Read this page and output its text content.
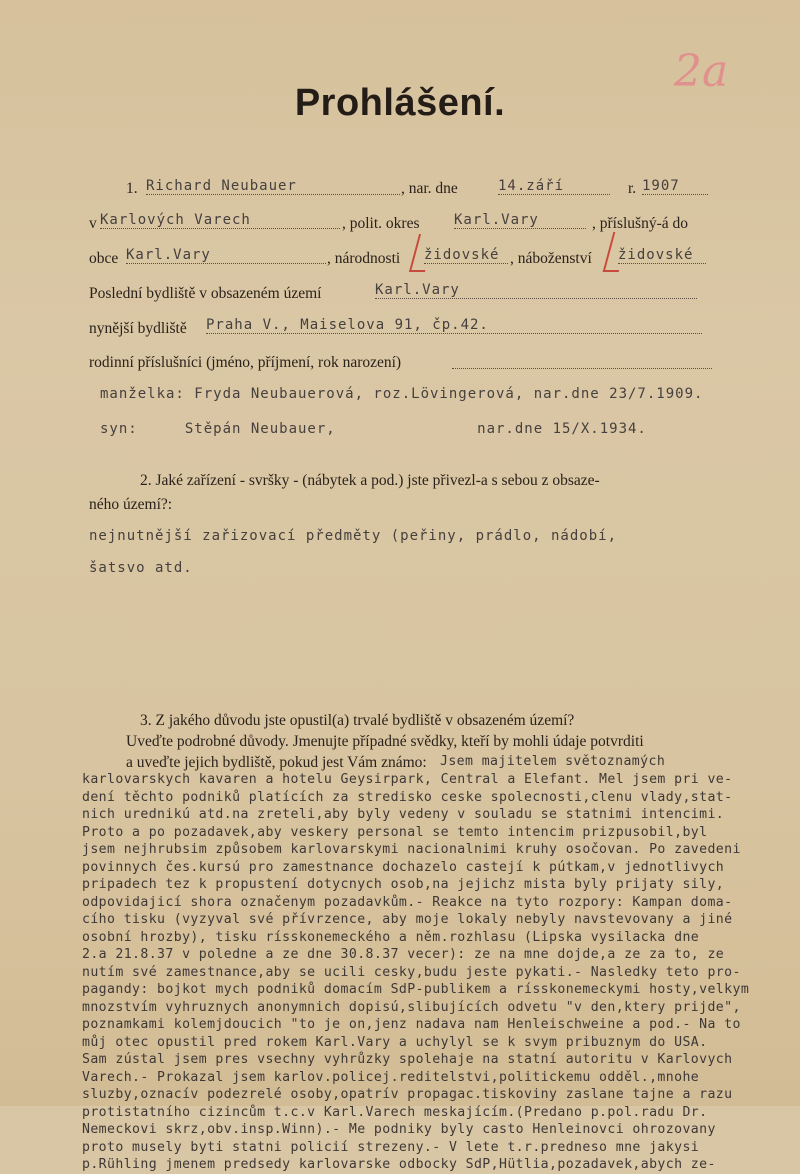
Prohlášení.
2a
1. Richard Neubauer	, nar. dne	14.září	r. 1907
v Karlových Varech	, polit. okres Karl.Vary	, příslušný-á do
obce Karl.Vary	, národnosti židovské , náboženství židovské
Poslední bydliště v obsazeném území	Karl.Vary
nynější bydliště Praha V., Maiselova 91, čp.42.
rodinní příslušníci (jméno, příjmení, rok narození)
manželka: Fryda Neubauerová, roz.Lövingerová, nar.dne 23/7.1909.
syn:     Stěpán Neubauer,               nar.dne 15/X.1934.
2. Jaké zařízení - svršky - (nábytek a pod.) jste přivezl-a s sebou z obsaze-
ného území?:
nejnutnější zařizovací předměty (peřiny, prádlo, nádobí,
šatsvo atd.
3. Z jakého důvodu jste opustil(a) trvalé bydliště v obsazeném území?
Uveďte podrobné důvody. Jmenujte případné svědky, kteří by mohli údaje potvrditi
a uveďte jejich bydliště, pokud jest Vám známo: Jsem majitelem světoznamých
karlovarskych kavaren a hotelu Geysirpark, Central a Elefant. Mel jsem pri ve-
dení těchto podniků platících za stredisko ceske spolecnosti,clenu vlady,stat-
nich urednikú atd.na zreteli,aby byly vedeny v souladu se statnimi intencimi.
Proto a po pozadavek,aby veskery personal se temto intencim prizpusobil,byl
jsem nejhrubsim způsobem karlovarskymi nacionalnimi kruhy osočovan. Po zavedeni
povinnych čes.kursú pro zamestnance dochazelo castejí k pútkam,v jednotlivych
pripadech tez k propustení dotycnych osob,na jejichz mista byly prijaty sily,
odpovidajicí shora označenym pozadavkům.- Reakce na tyto rozpory: Kampan doma-
cího tisku (vyzyval své přívrzence, aby moje lokaly nebyly navstevovany a jiné
osobní hrozby), tisku rísskonemeckého a něm.rozhlasu (Lipska vysilacka dne
2.a 21.8.37 v poledne a ze dne 30.8.37 vecer): ze na mne dojde,a ze za to, ze
nutím své zamestnance,aby se ucili cesky,budu jeste pykati.- Nasledky teto pro-
pagandy: bojkot mych podniků domacím SdP-publikem a rísskonemeckymi hosty,velkym
mnozstvím vyhruznych anonymnich dopisú,slibujících odvetu "v den,ktery prijde",
poznamkami kolemjdoucich "to je on,jenz nadava nam Henleischweine a pod.- Na to
můj otec opustil pred rokem Karl.Vary a uchylyl se k svym pribuznym do USA.
Sam zústal jsem pres vsechny vyhrůzky spolehaje na statní autoritu v Karlovych
Varech.- Prokazal jsem karlov.policej.reditelstvi,politickemu odděl.,mnohe
sluzby,oznacív podezrelé osoby,opatrív propagac.tiskoviny zaslane tajne a razu
protistatního cizincům t.c.v Karl.Varech meskajícím.(Predano p.pol.radu Dr.
Nemeckovi skrz,obv.insp.Winn).- Me podniky byly casto Henleinovci ohrozovany
proto musely byti statni policií strezeny.- V lete t.r.predneso mne jakysi
p.Rühling jmenem predsedy karlovarske odbocky SdP,Hütlia,pozadavek,abych ze-
